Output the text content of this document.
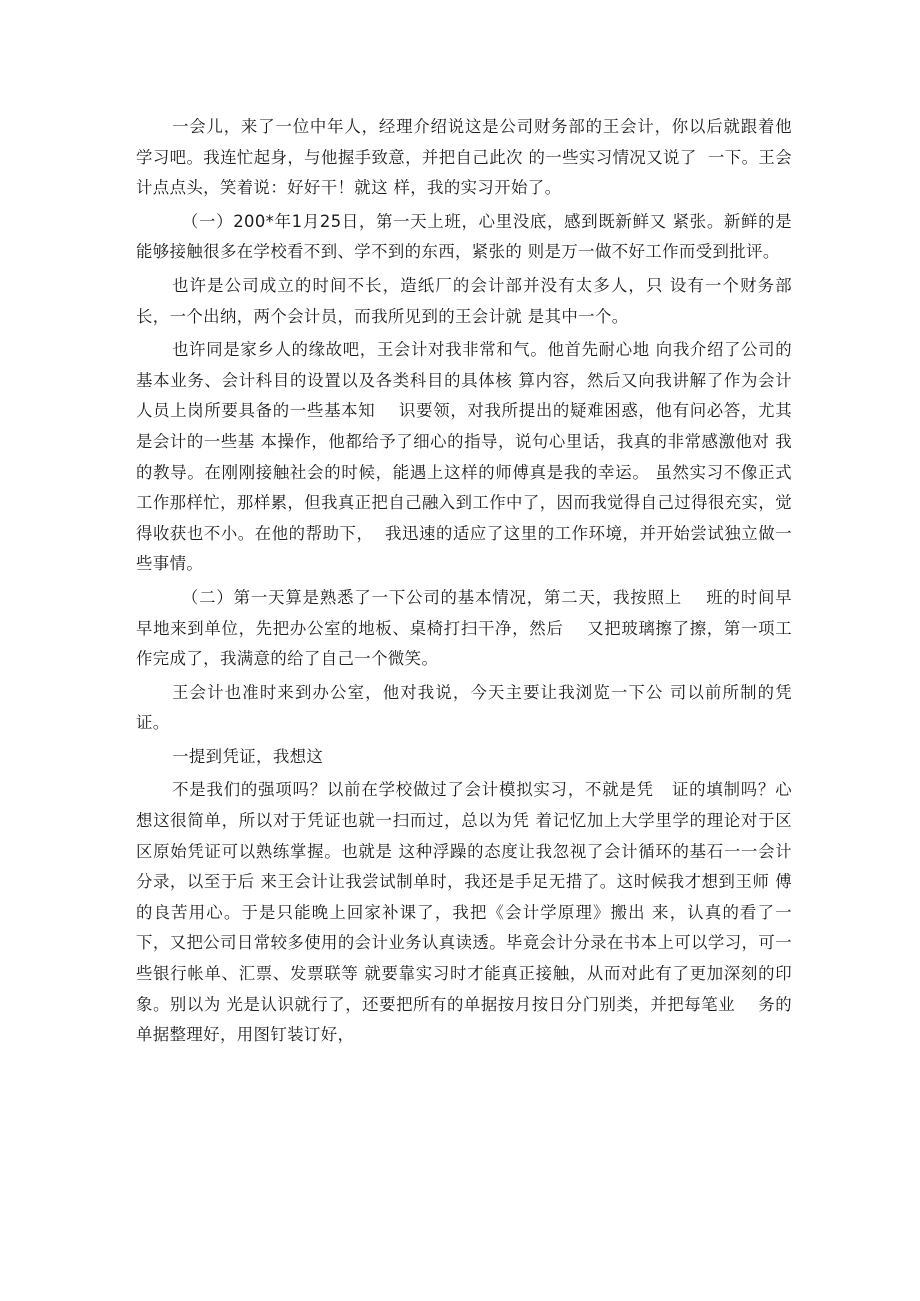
一会儿，来了一位中年人，经理介绍说这是公司财务部的王会计，你以后就跟着他学习吧。我连忙起身，与他握手致意，并把自己此次 的一些实习情况又说了  一下。王会计点点头，笑着说：好好干！就这 样，我的实习开始了。

（一）200*年1月25日，第一天上班，心里没底，感到既新鲜又 紧张。新鲜的是能够接触很多在学校看不到、学不到的东西，紧张的 则是万一做不好工作而受到批评。

也许是公司成立的时间不长，造纸厂的会计部并没有太多人，只 设有一个财务部长，一个出纳，两个会计员，而我所见到的王会计就 是其中一个。

也许同是家乡人的缘故吧，王会计对我非常和气。他首先耐心地 向我介绍了公司的基本业务、会计科目的设置以及各类科目的具体核 算内容，然后又向我讲解了作为会计人员上岗所要具备的一些基本知    识要领，对我所提出的疑难困惑，他有问必答，尤其是会计的一些基 本操作，他都给予了细心的指导，说句心里话，我真的非常感激他对 我的教导。在刚刚接触社会的时候，能遇上这样的师傅真是我的幸运。 虽然实习不像正式工作那样忙，那样累，但我真正把自己融入到工作中了，因而我觉得自己过得很充实，觉得收获也不小。在他的帮助下，  我迅速的适应了这里的工作环境，并开始尝试独立做一些事情。

（二）第一天算是熟悉了一下公司的基本情况，第二天，我按照上    班的时间早早地来到单位，先把办公室的地板、桌椅打扫干净，然后    又把玻璃擦了擦，第一项工作完成了，我满意的给了自己一个微笑。

王会计也准时来到办公室，他对我说，今天主要让我浏览一下公 司以前所制的凭证。

一提到凭证，我想这

不是我们的强项吗？以前在学校做过了会计模拟实习，不就是凭   证的填制吗？心想这很简单，所以对于凭证也就一扫而过，总以为凭 着记忆加上大学里学的理论对于区区原始凭证可以熟练掌握。也就是 这种浮躁的态度让我忽视了会计循环的基石一一会计分录，以至于后 来王会计让我尝试制单时，我还是手足无措了。这时候我才想到王师 傅的良苦用心。于是只能晚上回家补课了，我把《会计学原理》搬出 来，认真的看了一下，又把公司日常较多使用的会计业务认真读透。毕竟会计分录在书本上可以学习，可一些银行帐单、汇票、发票联等 就要靠实习时才能真正接触，从而对此有了更加深刻的印象。别以为 光是认识就行了，还要把所有的单据按月按日分门别类，并把每笔业    务的单据整理好，用图钉装订好，
